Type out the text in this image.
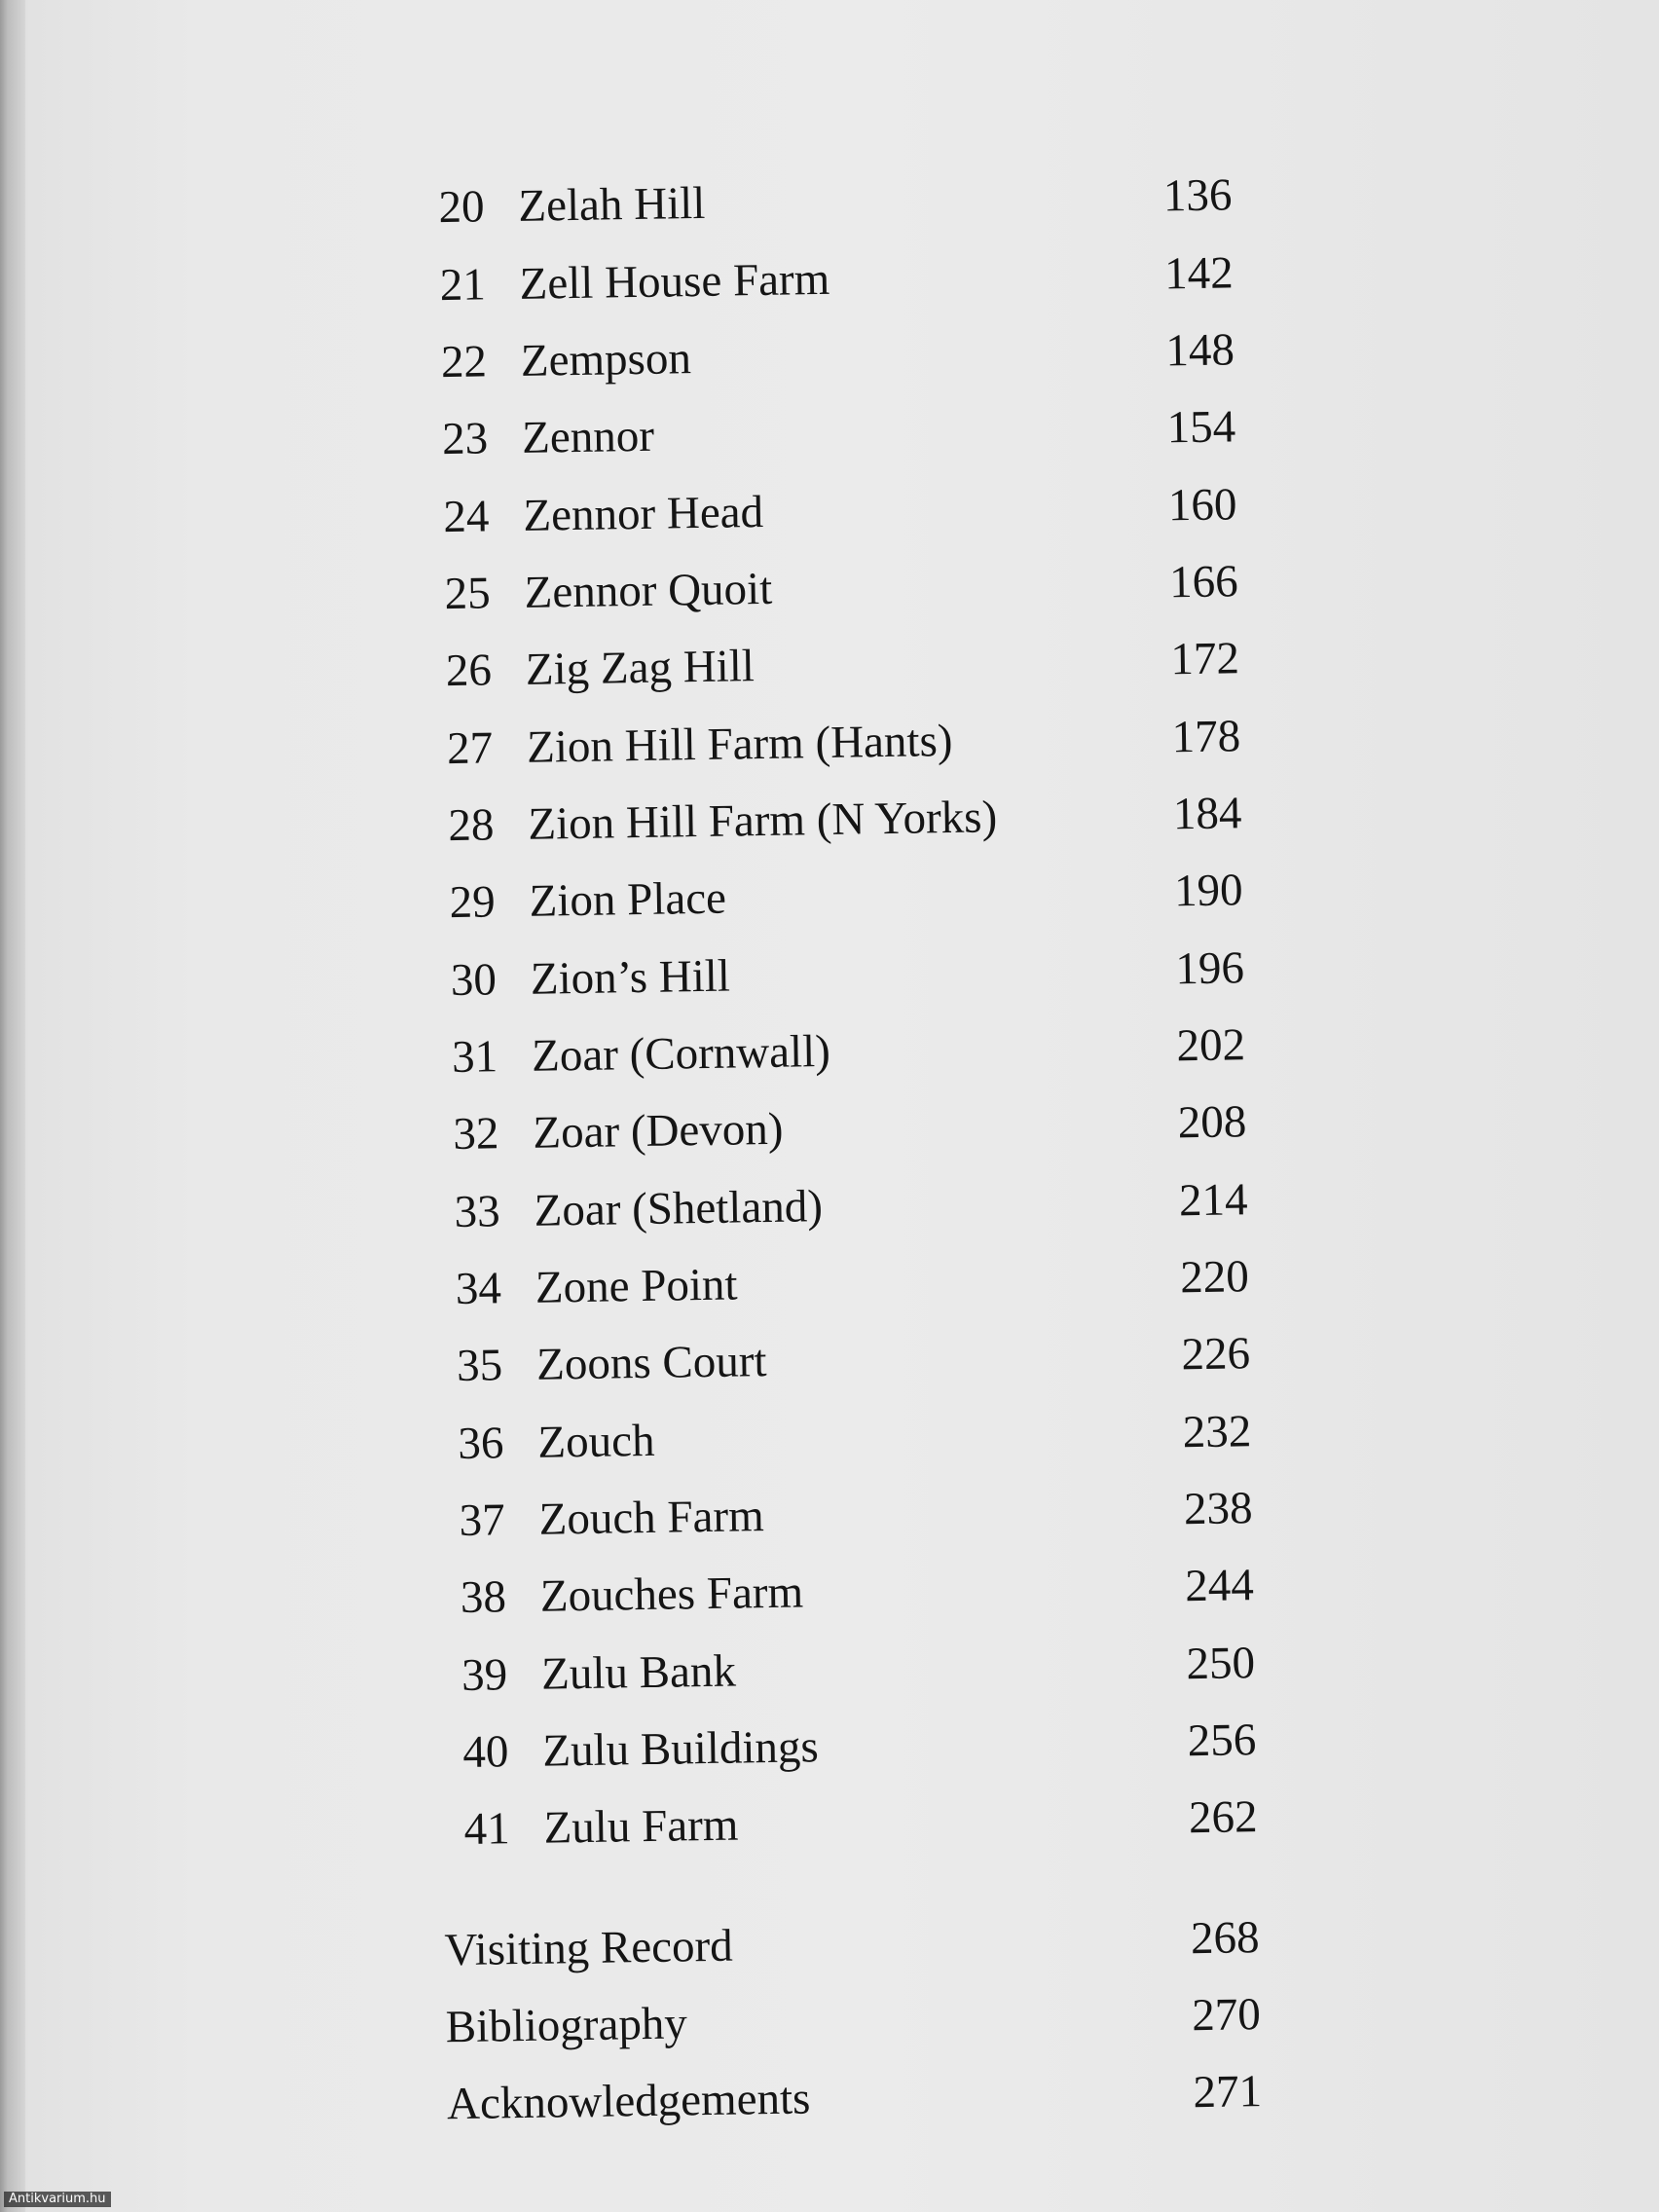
20 Zelah Hill	136
21 Zell House Farm	142
22 Zempson	148
23 Zennor	154
24 Zennor Head	160
25 Zennor Quoit	166
26 Zig Zag Hill	172
27 Zion Hill Farm (Hants)	178
28 Zion Hill Farm (N Yorks)	184
29 Zion Place	190
30 Zion’s Hill	196
31 Zoar (Cornwall)	202
32 Zoar (Devon)	208
33 Zoar (Shetland)	214
34 Zone Point	220
35 Zoons Court	226
36 Zouch	232
37 Zouch Farm	238
38 Zouches Farm	244
39 Zulu Bank	250
40 Zulu Buildings	256
41 Zulu Farm	262
Visiting Record	268
Bibliography	270
Acknowledgements	271
Antikvarium.hu
